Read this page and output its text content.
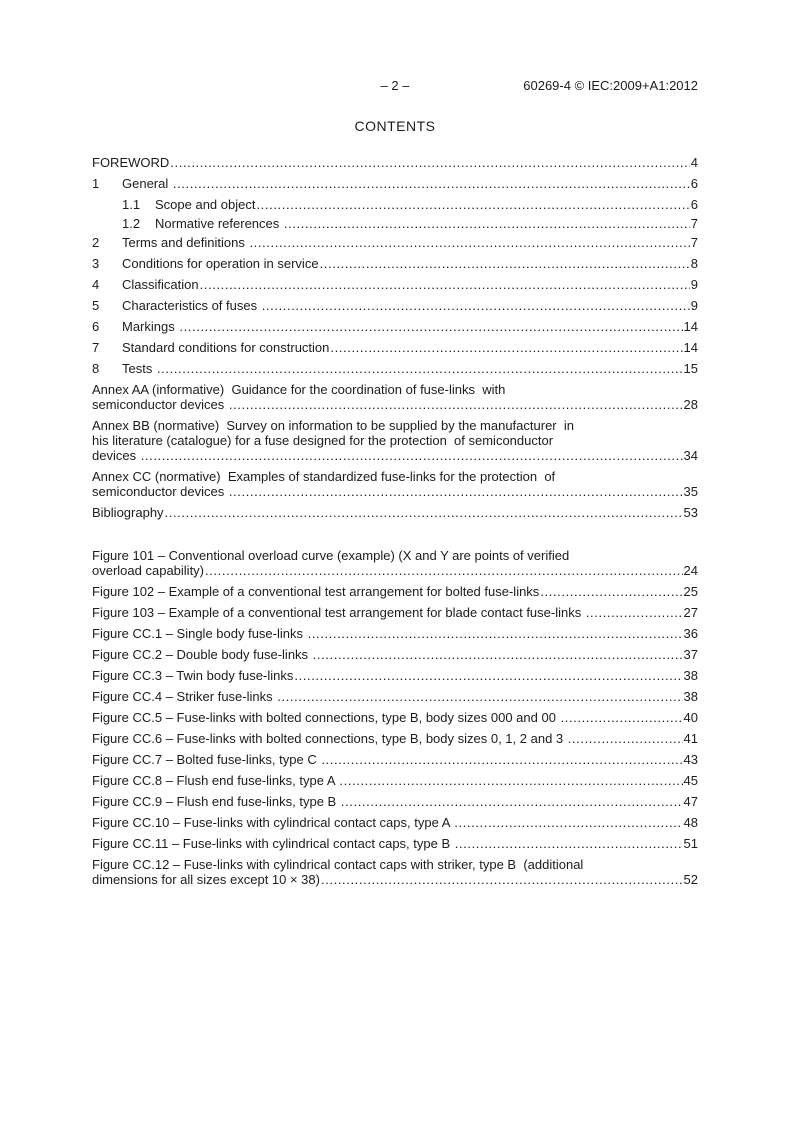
– 2 –	60269-4 © IEC:2009+A1:2012
CONTENTS
FOREWORD .....	4
1	General .....	6
1.1	Scope and object .....	6
1.2	Normative references .....	7
2	Terms and definitions .....	7
3	Conditions for operation in service .....	8
4	Classification .....	9
5	Characteristics of fuses .....	9
6	Markings .....	14
7	Standard conditions for construction .....	14
8	Tests .....	15
Annex AA (informative)  Guidance for the coordination of fuse-links  with
semiconductor devices .....	28
Annex BB (normative)  Survey on information to be supplied by the manufacturer  in
his literature (catalogue) for a fuse designed for the protection  of semiconductor
devices .....	34
Annex CC (normative)  Examples of standardized fuse-links for the protection  of
semiconductor devices .....	35
Bibliography .....	53
Figure 101 – Conventional overload curve (example) (X and Y are points of verified
overload capability) .....	24
Figure 102 – Example of a conventional test arrangement for bolted fuse-links .....	25
Figure 103 – Example of a conventional test arrangement for blade contact fuse-links .....	27
Figure CC.1 – Single body fuse-links .....	36
Figure CC.2 – Double body fuse-links .....	37
Figure CC.3 – Twin body fuse-links .....	38
Figure CC.4 – Striker fuse-links .....	38
Figure CC.5 – Fuse-links with bolted connections, type B, body sizes 000 and 00 .....	40
Figure CC.6 – Fuse-links with bolted connections, type B, body sizes 0, 1, 2 and 3 .....	41
Figure CC.7 – Bolted fuse-links, type C .....	43
Figure CC.8 – Flush end fuse-links, type A .....	45
Figure CC.9 – Flush end fuse-links, type B .....	47
Figure CC.10 – Fuse-links with cylindrical contact caps, type A .....	48
Figure CC.11 – Fuse-links with cylindrical contact caps, type B .....	51
Figure CC.12 – Fuse-links with cylindrical contact caps with striker, type B  (additional
dimensions for all sizes except 10 × 38) .....	52
